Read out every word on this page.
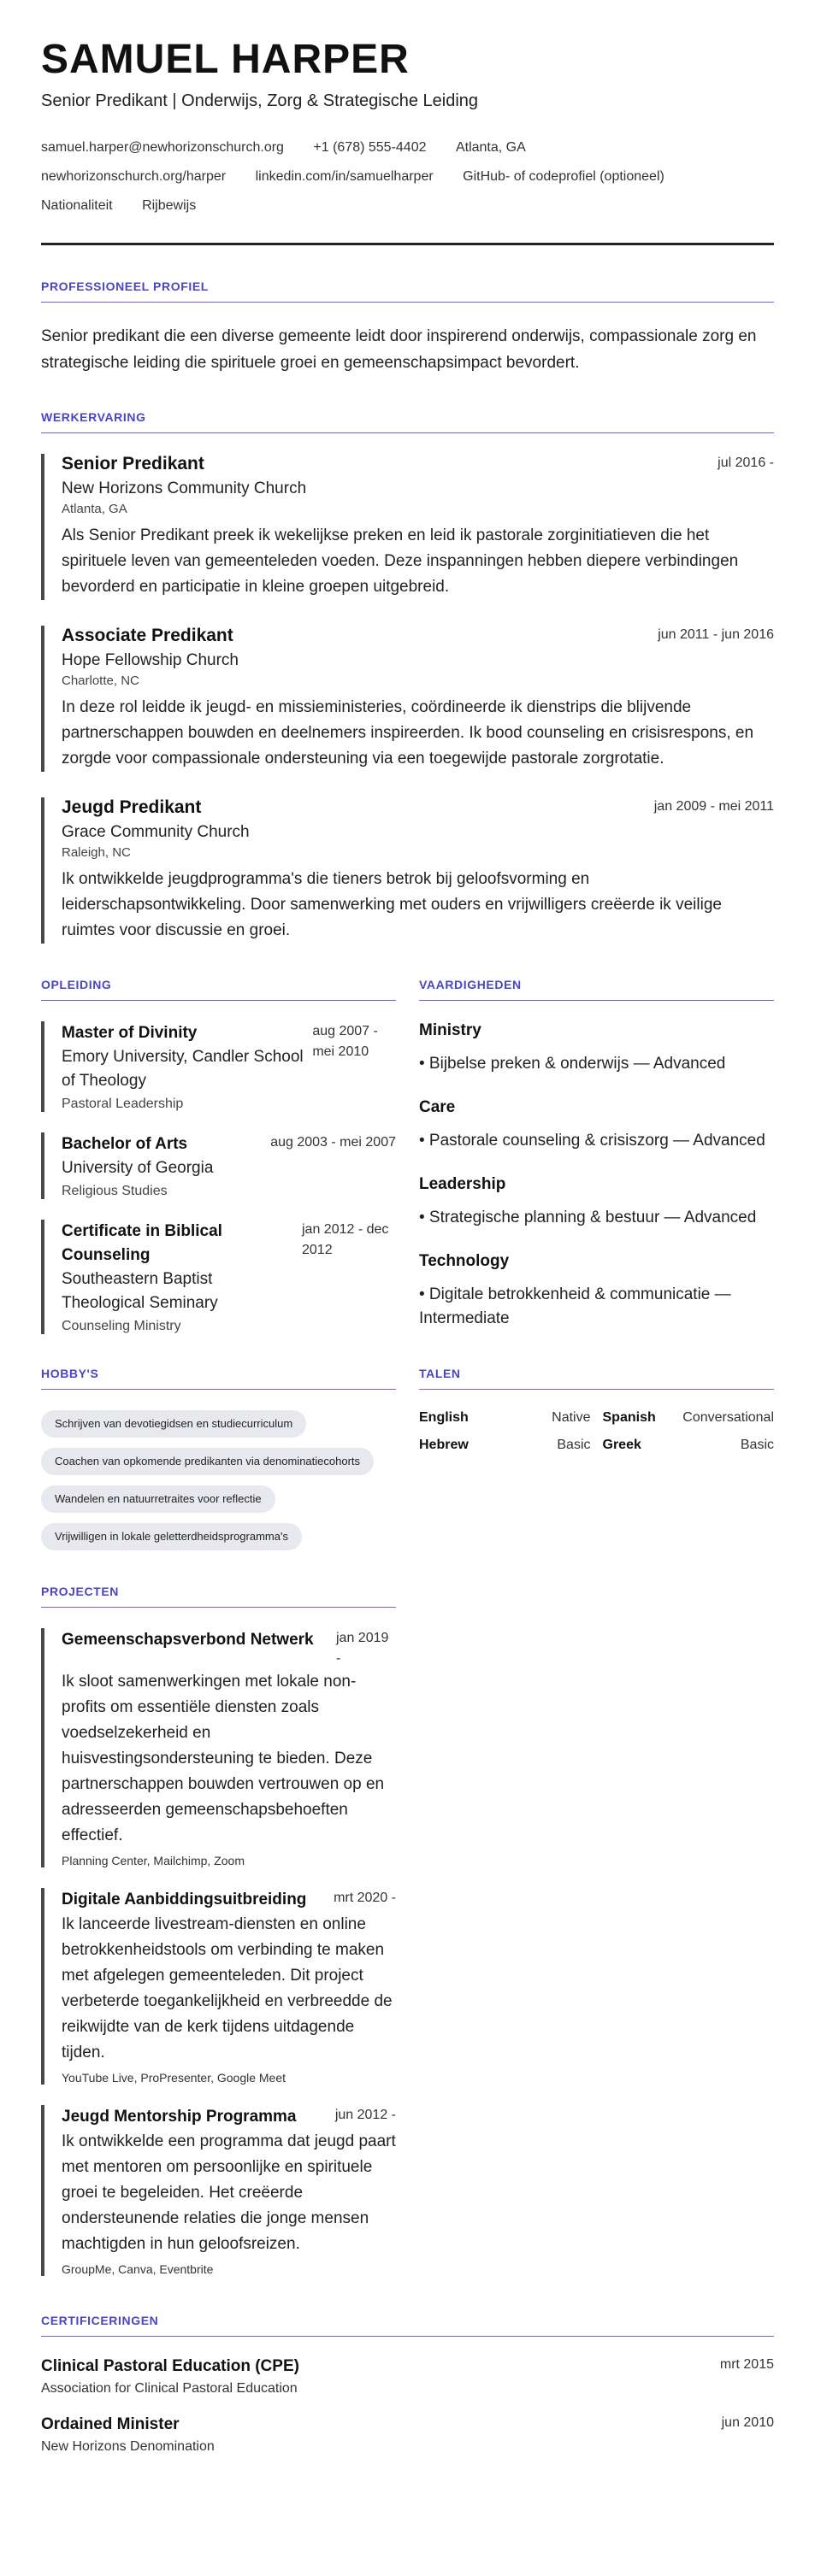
SAMUEL HARPER
Senior Predikant | Onderwijs, Zorg & Strategische Leiding
samuel.harper@newhorizonschurch.org +1 (678) 555-4402 Atlanta, GA
newhorizonschurch.org/harper linkedin.com/in/samuelharper GitHub- of codeprofiel (optioneel)
Nationaliteit Rijbewijs
PROFESSIONEEL PROFIEL
Senior predikant die een diverse gemeente leidt door inspirerend onderwijs, compassionale zorg en strategische leiding die spirituele groei en gemeenschapsimpact bevordert.
WERKERVARING
Senior Predikant	jul 2016 -
New Horizons Community Church
Atlanta, GA
Als Senior Predikant preek ik wekelijkse preken en leid ik pastorale zorginitiatieven die het spirituele leven van gemeenteleden voeden. Deze inspanningen hebben diepere verbindingen bevorderd en participatie in kleine groepen uitgebreid.
Associate Predikant	jun 2011 - jun 2016
Hope Fellowship Church
Charlotte, NC
In deze rol leidde ik jeugd- en missieministeries, coördineerde ik dienstrips die blijvende partnerschappen bouwden en deelnemers inspireerden. Ik bood counseling en crisisrespons, en zorgde voor compassionale ondersteuning via een toegewijde pastorale zorgrotatie.
Jeugd Predikant	jan 2009 - mei 2011
Grace Community Church
Raleigh, NC
Ik ontwikkelde jeugdprogramma's die tieners betrok bij geloofsvorming en leiderschapsontwikkeling. Door samenwerking met ouders en vrijwilligers creëerde ik veilige ruimtes voor discussie en groei.
OPLEIDING
Master of Divinity
Emory University, Candler School of Theology
aug 2007 - mei 2010
Pastoral Leadership
Bachelor of Arts
University of Georgia
aug 2003 - mei 2007
Religious Studies
Certificate in Biblical Counseling
Southeastern Baptist Theological Seminary
jan 2012 - dec 2012
Counseling Ministry
VAARDIGHEDEN
Ministry
• Bijbelse preken & onderwijs — Advanced
Care
• Pastorale counseling & crisiszorg — Advanced
Leadership
• Strategische planning & bestuur — Advanced
Technology
• Digitale betrokkenheid & communicatie — Intermediate
HOBBY'S
Schrijven van devotiegidsen en studiecurriculum
Coachen van opkomende predikanten via denominatiecohorts
Wandelen en natuurretraites voor reflectie
Vrijwilligen in lokale geletterdheidsprogramma's
TALEN
English	Native Spanish Conversational
Hebrew	Basic Greek	Basic
PROJECTEN
Gemeenschapsverbond Netwerk	jan 2019 -
Ik sloot samenwerkingen met lokale non-profits om essentiële diensten zoals voedselzekerheid en huisvestingsondersteuning te bieden. Deze partnerschappen bouwden vertrouwen op en adresseerden gemeenschapsbehoeften effectief.
Planning Center, Mailchimp, Zoom
Digitale Aanbiddingsuitbreiding mrt 2020 -
Ik lanceerde livestream-diensten en online betrokkenheidstools om verbinding te maken met afgelegen gemeenteleden. Dit project verbeterde toegankelijkheid en verbreedde de reikwijdte van de kerk tijdens uitdagende tijden.
YouTube Live, ProPresenter, Google Meet
Jeugd Mentorship Programma	jun 2012 -
Ik ontwikkelde een programma dat jeugd paart met mentoren om persoonlijke en spirituele groei te begeleiden. Het creëerde ondersteunende relaties die jonge mensen machtigden in hun geloofsreizen.
GroupMe, Canva, Eventbrite
CERTIFICERINGEN
Clinical Pastoral Education (CPE)	mrt 2015
Association for Clinical Pastoral Education
Ordained Minister	jun 2010
New Horizons Denomination
